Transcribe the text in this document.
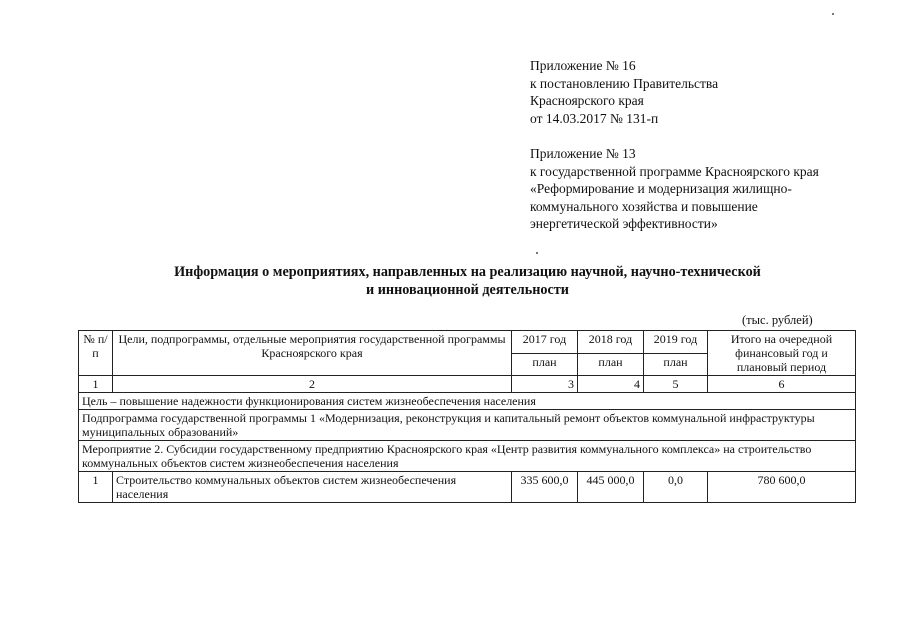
Приложение № 16
к постановлению Правительства
Красноярского края
от 14.03.2017 № 131-п
Приложение № 13
к государственной программе Красноярского края
«Реформирование и модернизация жилищно-
коммунального хозяйства и повышение
энергетической эффективности»
Информация о мероприятиях, направленных на реализацию научной, научно-технической
и инновационной деятельности
(тыс. рублей)
№ п/п	Цели, подпрограммы, отдельные мероприятия государственной программы Красноярского края	2017 год	2018 год	2019 год	Итого на очередной финансовый год и плановый период
		план	план	план	
1	2	3	4	5	6
Цель – повышение надежности функционирования систем жизнеобеспечения населения					
Подпрограмма государственной программы 1 «Модернизация, реконструкция и капитальный ремонт объектов коммунальной инфраструктуры муниципальных образований»					
Мероприятие 2. Субсидии государственному предприятию Красноярского края «Центр развития коммунального комплекса» на строительство коммунальных объектов систем жизнеобеспечения населения					
1	Строительство коммунальных объектов систем жизнеобеспечения населения	335 600,0	445 000,0	0,0	780 600,0
